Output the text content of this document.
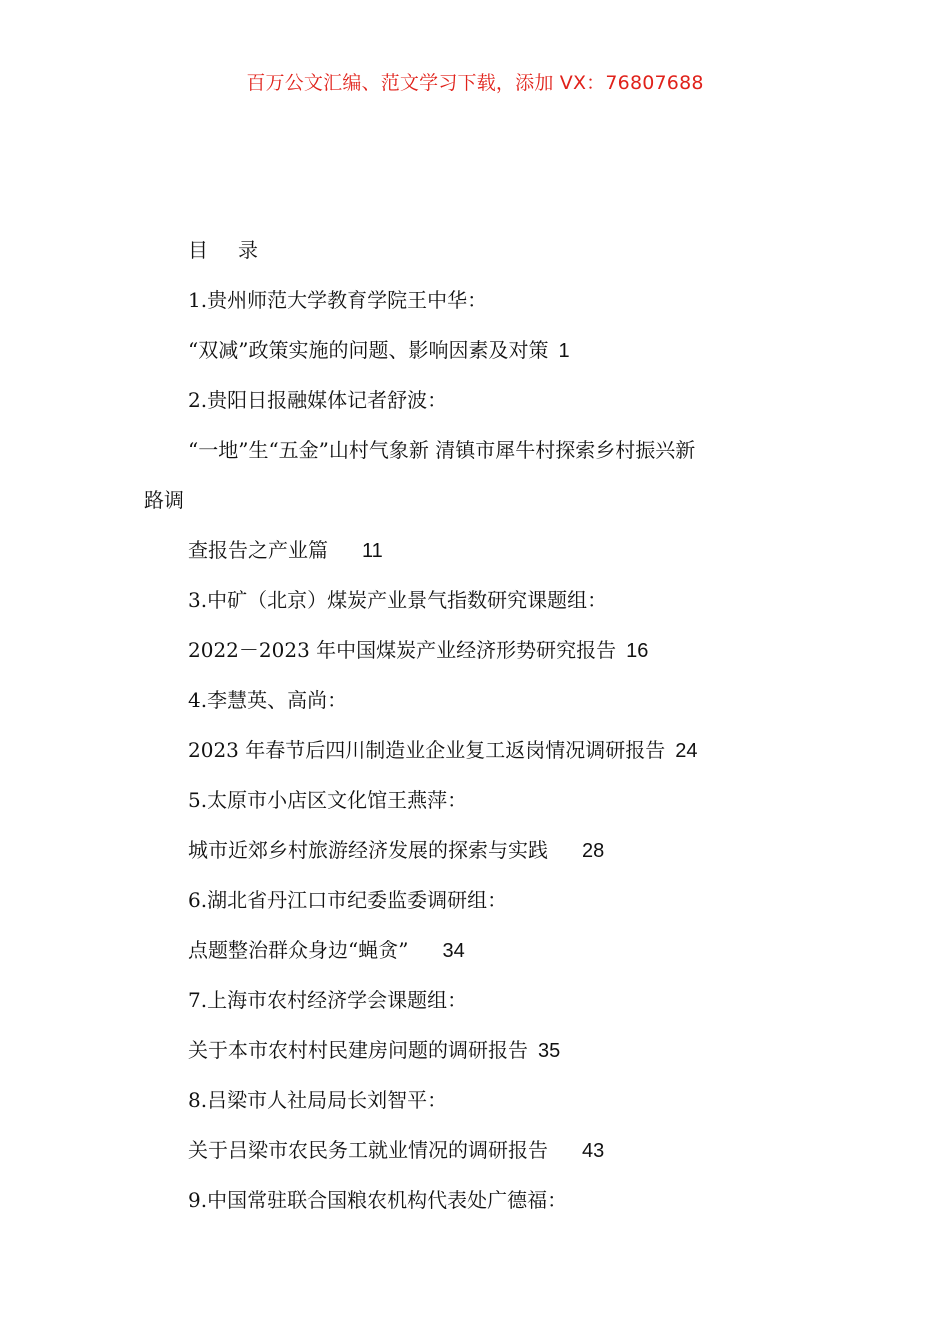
百万公文汇编、范文学习下载，添加 VX：76807688
目 录
1.贵州师范大学教育学院王中华：
“双减”政策实施的问题、影响因素及对策 1
2.贵阳日报融媒体记者舒波：
“一地”生“五金”山村气象新 清镇市犀牛村探索乡村振兴新
路调
查报告之产业篇 11
3.中矿（北京）煤炭产业景气指数研究课题组：
2022－2023 年中国煤炭产业经济形势研究报告 16
4.李慧英、高尚：
2023 年春节后四川制造业企业复工返岗情况调研报告 24
5.太原市小店区文化馆王燕萍：
城市近郊乡村旅游经济发展的探索与实践 28
6.湖北省丹江口市纪委监委调研组：
点题整治群众身边“蝇贪” 34
7.上海市农村经济学会课题组：
关于本市农村村民建房问题的调研报告 35
8.吕梁市人社局局长刘智平：
关于吕梁市农民务工就业情况的调研报告 43
9.中国常驻联合国粮农机构代表处广德福：
